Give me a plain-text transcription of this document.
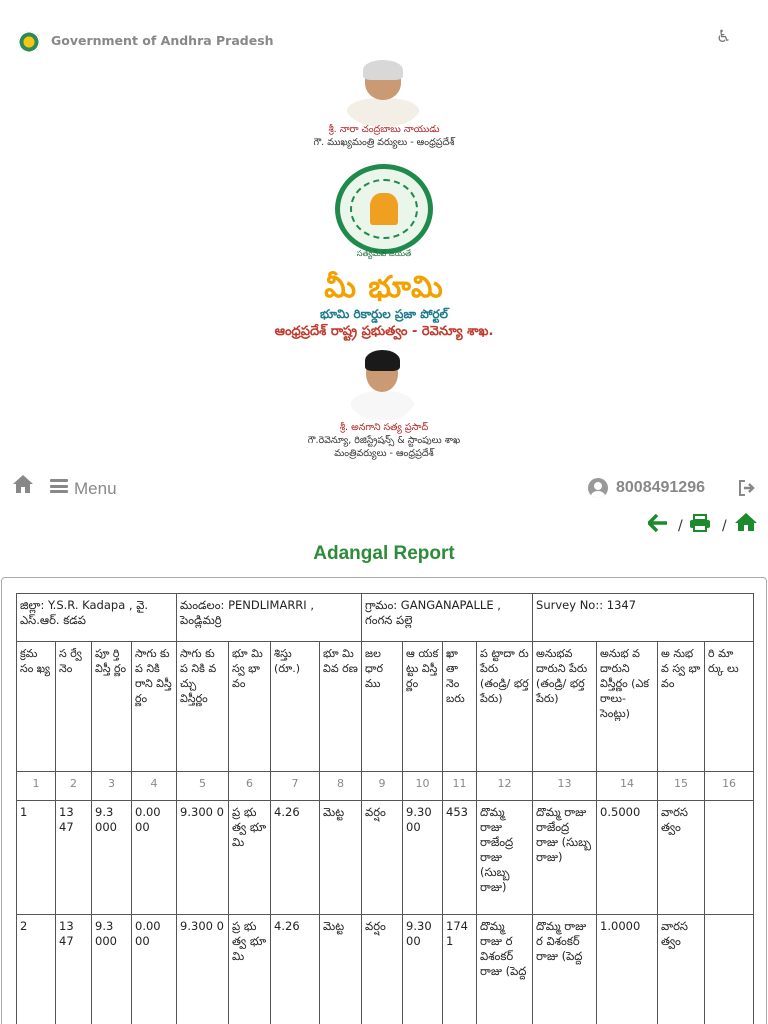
Government of Andhra Pradesh	♿
శ్రీ. నారా చంద్రబాబు నాయుడు
గౌ. ముఖ్యమంత్రి వర్యులు - ఆంధ్రప్రదేశ్
సత్యమేవ జయతే
మీ భూమి
భూమి రికార్డుల ప్రజా పోర్టల్
ఆంధ్రప్రదేశ్ రాష్ట్ర ప్రభుత్వం - రెవెన్యూ శాఖ.
శ్రీ. అనగాని సత్య ప్రసాద్
గౌ.రెవెన్యూ, రిజిస్ట్రేషన్స్ & స్టాంపులు శాఖ
మంత్రివర్యులు - ఆంధ్రప్రదేశ్
Menu	8008491296
/	/
Adangal Report
జిల్లా: Y.S.R. Kadapa , వై. ఎస్.ఆర్. కడప				మండలం: PENDLIMARRI , పెండ్లిమర్రి				గ్రామం: GANGANAPALLE , గంగన పల్లె				Survey No:: 1347			
క్రమ సం ఖ్య	స ర్వే నెం	పూ ర్తి విస్తీ ర్ణం	సాగు కు ప నికి రాని విస్తీ ర్ణం	సాగు కు ప నికి వ చ్చు విస్తీర్ణం	భూ మి స్వ భా వం	శిస్తు (రూ.)	భూ మి వివ రణ	జల ధార ము	ఆ యక ట్టు విస్తీ ర్ణం	ఖా తా నెం బరు	ప ట్టాదా రు పేరు (తండ్రి/ భర్త పేరు)	అనుభవ దారుని పేరు (తండ్రి/ భర్త పేరు)	అనుభ వ దారుని విస్తీర్ణం (ఎక రాలు- సెంట్లు)	అ నుభ వ స్వ భా వం	రి మా ర్కు లు
1	2	3	4	5	6	7	8	9	10	11	12	13	14	15	16
1	13 47	9.3 000	0.00 00	9.300 0	ప్ర భు త్వ భూ మి	4.26	మెట్ట	వర్షం	9.30 00	453	దొమ్మ రాజు రాజేంద్ర రాజు (సుబ్బ రాజు)	దొమ్మ రాజు రాజేంద్ర రాజు (సుబ్బ రాజు)	0.5000	వారస త్వం	
2	13 47	9.3 000	0.00 00	9.300 0	ప్ర భు త్వ భూ మి	4.26	మెట్ట	వర్షం	9.30 00	174 1	దొమ్మ రాజు ర విశంకర్ రాజు (పెద్ద	దొమ్మ రాజు ర విశంకర్ రాజు (పెద్ద	1.0000	వారస త్వం	
